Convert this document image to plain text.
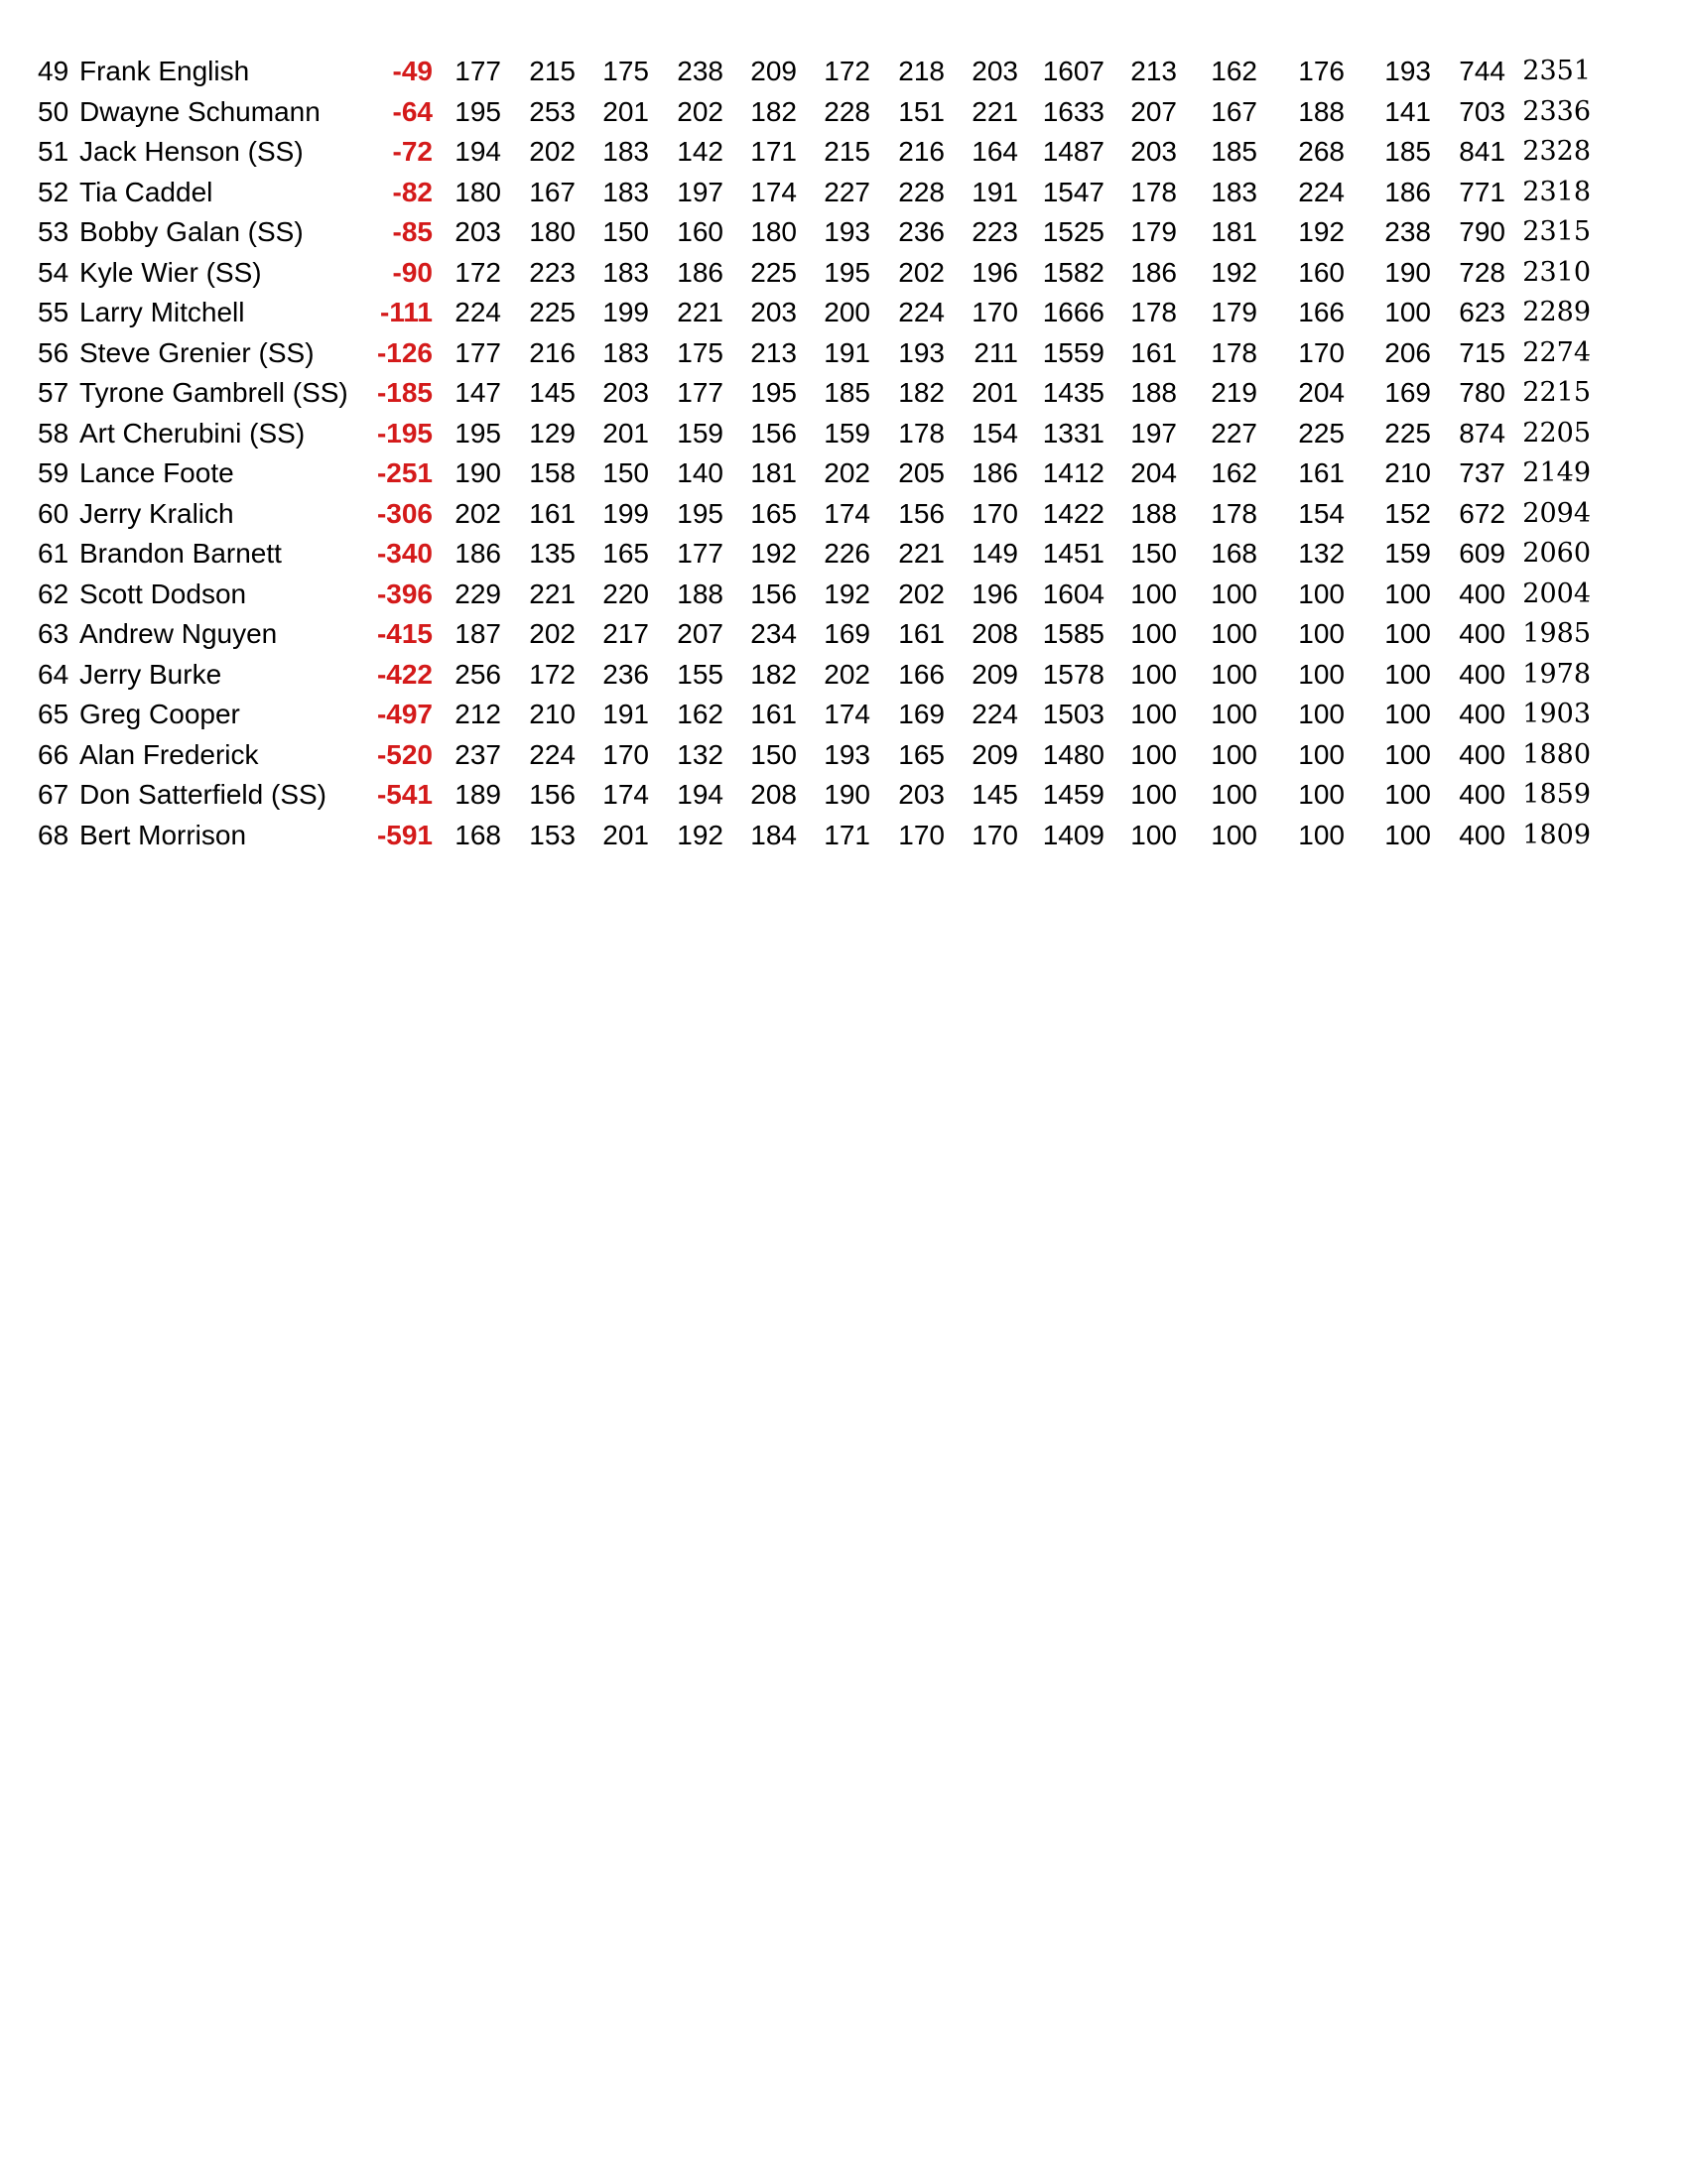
49 Frank English	-49 177 215 175 238 209 172 218 203 1607 213 162 176 193 744 2351
50 Dwayne Schumann	-64 195 253 201 202 182 228 151 221 1633 207 167 188 141 703 2336
51 Jack Henson (SS)	-72 194 202 183 142 171 215 216 164 1487 203 185 268 185 841 2328
52 Tia Caddel	-82 180 167 183 197 174 227 228 191 1547 178 183 224 186 771 2318
53 Bobby Galan (SS)	-85 203 180 150 160 180 193 236 223 1525 179 181 192 238 790 2315
54 Kyle Wier (SS)	-90 172 223 183 186 225 195 202 196 1582 186 192 160 190 728 2310
55 Larry Mitchell	-111 224 225 199 221 203 200 224 170 1666 178 179 166 100 623 2289
56 Steve Grenier (SS) -126 177 216 183 175 213 191 193 211 1559 161 178 170 206 715 2274
57 Tyrone Gambrell (SS) -185 147 145 203 177 195 185 182 201 1435 188 219 204 169 780 2215
58 Art Cherubini (SS)	-195 195 129 201 159 156 159 178 154 1331 197 227 225 225 874 2205
59 Lance Foote	-251 190 158 150 140 181 202 205 186 1412 204 162 161 210 737 2149
60 Jerry Kralich	-306 202 161 199 195 165 174 156 170 1422 188 178 154 152 672 2094
61 Brandon Barnett	-340 186 135 165 177 192 226 221 149 1451 150 168 132 159 609 2060
62 Scott Dodson	-396 229 221 220 188 156 192 202 196 1604 100 100 100 100 400 2004
63 Andrew Nguyen	-415 187 202 217 207 234 169 161 208 1585 100 100 100 100 400 1985
64 Jerry Burke	-422 256 172 236 155 182 202 166 209 1578 100 100 100 100 400 1978
65 Greg Cooper	-497 212 210 191 162 161 174 169 224 1503 100 100 100 100 400 1903
66 Alan Frederick	-520 237 224 170 132 150 193 165 209 1480 100 100 100 100 400 1880
67 Don Satterfield (SS) -541 189 156 174 194 208 190 203 145 1459 100 100 100 100 400 1859
68 Bert Morrison	-591 168 153 201 192 184 171 170 170 1409 100 100 100 100 400 1809
